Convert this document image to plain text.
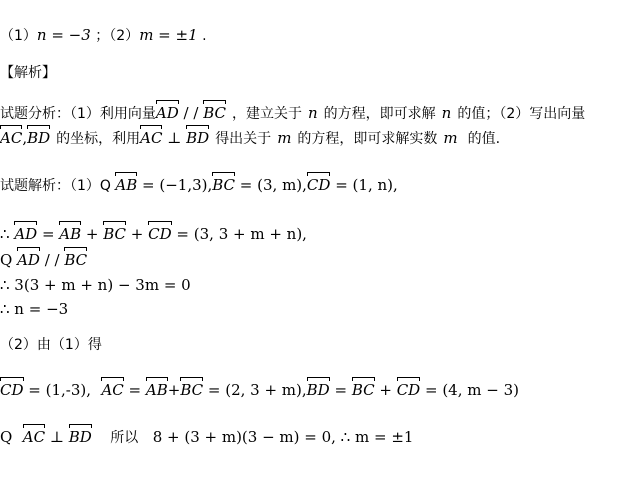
（1）n = −3 ；（2）m = ±1 .
【解析】
试题分析：（1）利用向量AD / / BC ，建立关于 n 的方程，即可求解 n 的值；（2）写出向量
AC,BD 的坐标，利用AC ⊥ BD 得出关于 m 的方程，即可求解实数 m 的值.
试题解析：（1）Q AB = (−1,3),BC = (3, m),CD = (1, n),
∴ AD = AB + BC + CD = (3, 3 + m + n),
Q AD / / BC
∴ 3(3 + m + n) − 3m = 0
∴ n = −3
（2）由（1）得
CD = (1,-3), AC = AB+BC = (2, 3 + m),BD = BC + CD = (4, m − 3)
Q AC ⊥ BD 所以 8 + (3 + m)(3 − m) = 0, ∴ m = ±1
